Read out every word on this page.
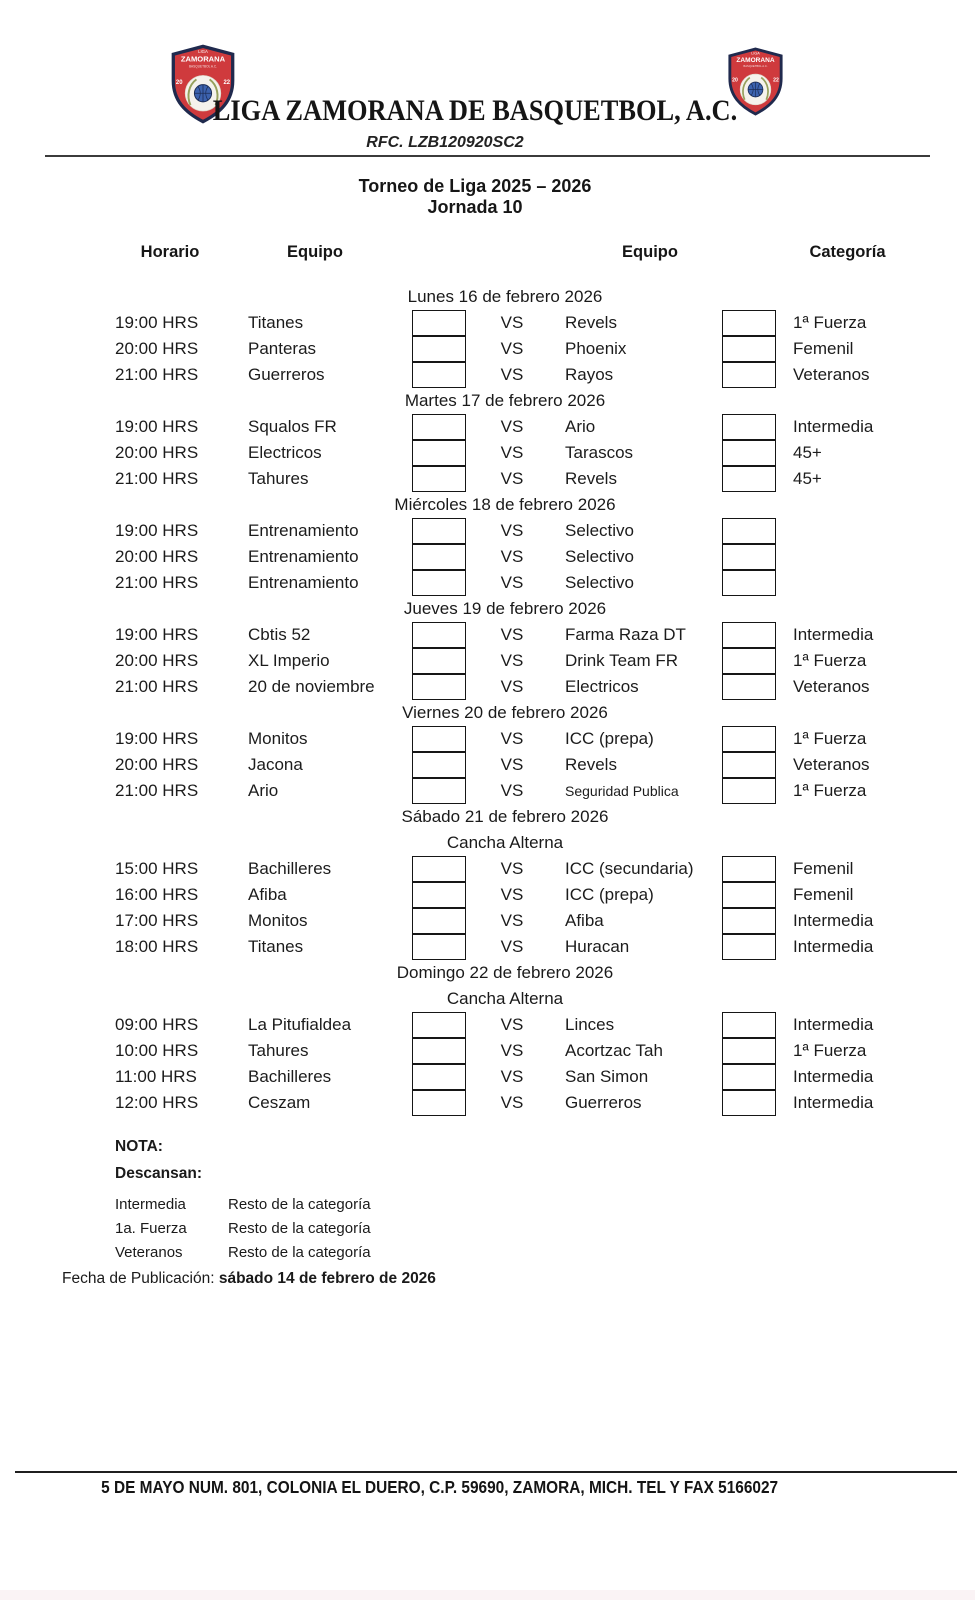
LIGA
ZAMORANA
BASQUETBOL A.C.
20	22
LIGA
ZAMORANA
BASQUETBOL A.C.
20	22
LIGA ZAMORANA DE BASQUETBOL, A.C.
RFC. LZB120920SC2
Torneo de Liga 2025 – 2026
Jornada 10
Horario	Equipo	Equipo	Categoría
Lunes 16 de febrero 2026
19:00 HRS	Titanes	VS	Revels	1ª Fuerza
20:00 HRS	Panteras	VS	Phoenix	Femenil
21:00 HRS	Guerreros	VS	Rayos	Veteranos
Martes 17 de febrero 2026
19:00 HRS	Squalos FR	VS	Ario	Intermedia
20:00 HRS	Electricos	VS	Tarascos	45+
21:00 HRS	Tahures	VS	Revels	45+
Miércoles 18 de febrero 2026
19:00 HRS	Entrenamiento	VS	Selectivo
20:00 HRS	Entrenamiento	VS	Selectivo
21:00 HRS	Entrenamiento	VS	Selectivo
Jueves 19 de febrero 2026
19:00 HRS	Cbtis 52	VS	Farma Raza DT	Intermedia
20:00 HRS	XL Imperio	VS	Drink Team FR	1ª Fuerza
21:00 HRS	20 de noviembre	VS	Electricos	Veteranos
Viernes 20 de febrero 2026
19:00 HRS	Monitos	VS	ICC (prepa)	1ª Fuerza
20:00 HRS	Jacona	VS	Revels	Veteranos
21:00 HRS	Ario	VS	Seguridad Publica	1ª Fuerza
Sábado 21 de febrero 2026
Cancha Alterna
15:00 HRS	Bachilleres	VS	ICC (secundaria)	Femenil
16:00 HRS	Afiba	VS	ICC (prepa)	Femenil
17:00 HRS	Monitos	VS	Afiba	Intermedia
18:00 HRS	Titanes	VS	Huracan	Intermedia
Domingo 22 de febrero 2026
Cancha Alterna
09:00 HRS	La Pitufialdea	VS	Linces	Intermedia
10:00 HRS	Tahures	VS	Acortzac Tah	1ª Fuerza
11:00 HRS	Bachilleres	VS	San Simon	Intermedia
12:00 HRS	Ceszam	VS	Guerreros	Intermedia
NOTA:
Descansan:
Intermedia	Resto de la categoría
1a. Fuerza	Resto de la categoría
Veteranos	Resto de la categoría
Fecha de Publicación: sábado 14 de febrero de 2026
5 DE MAYO NUM. 801, COLONIA EL DUERO, C.P. 59690, ZAMORA, MICH. TEL Y FAX 5166027
